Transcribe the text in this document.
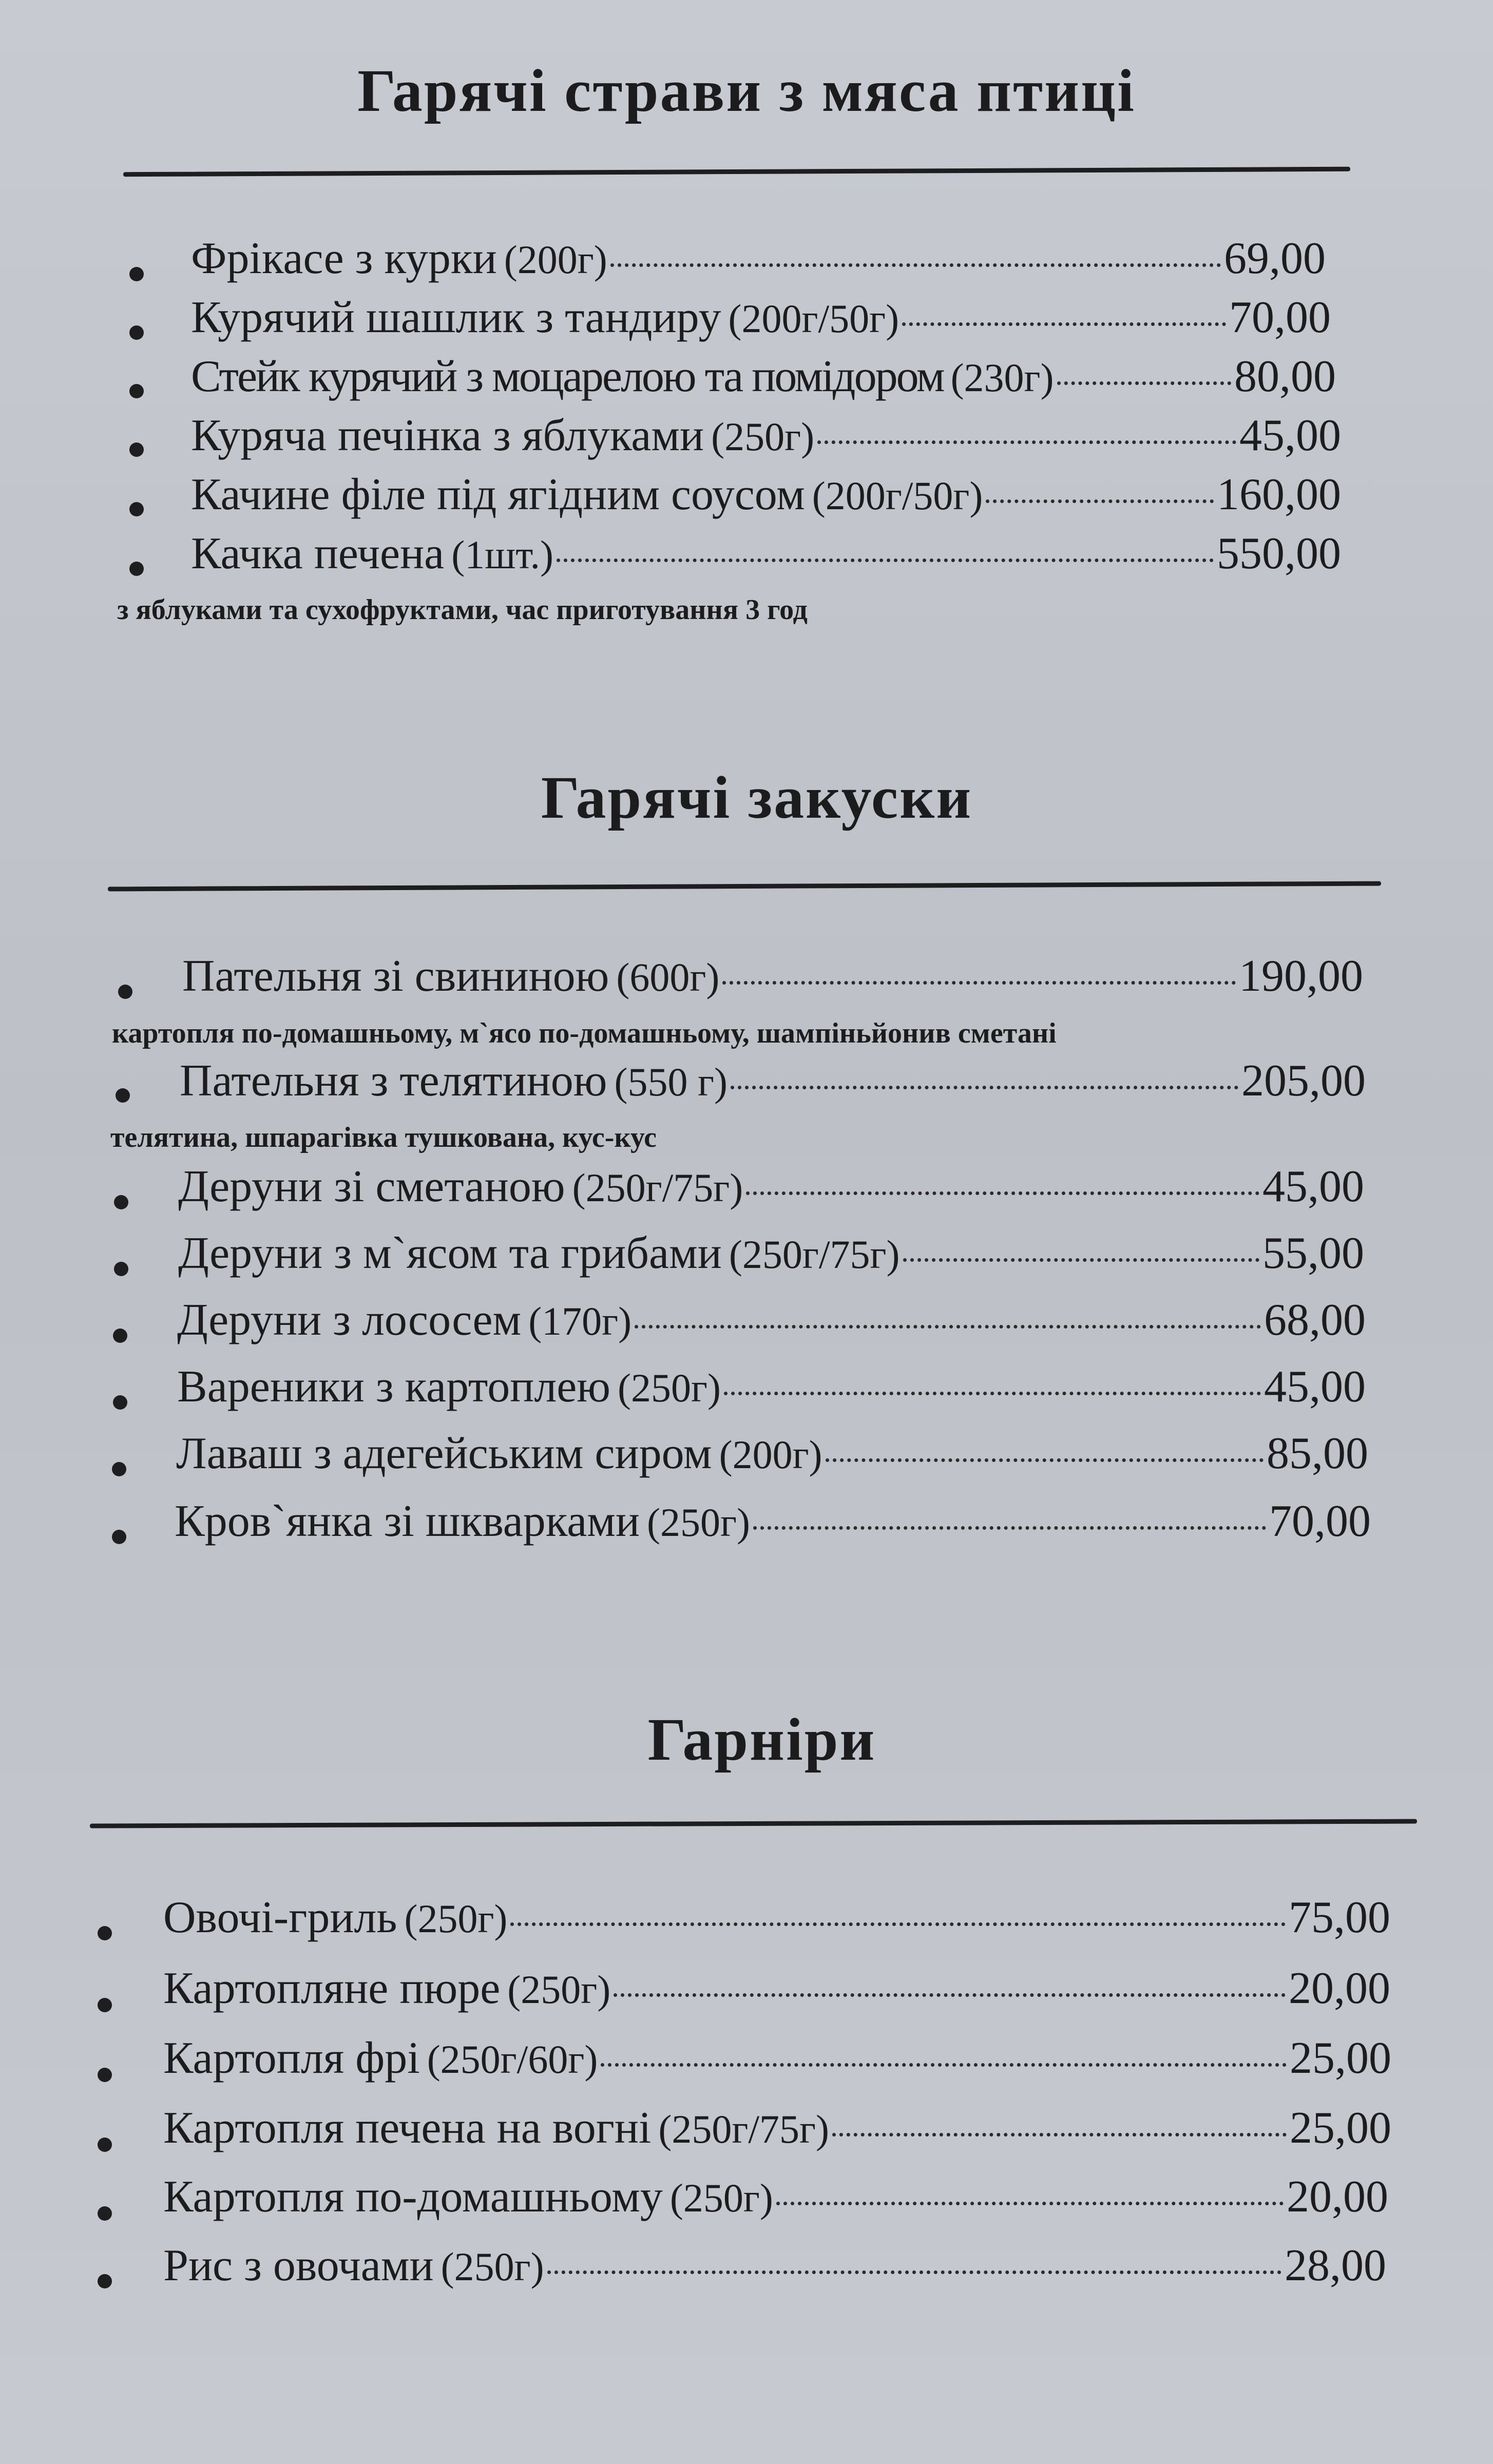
Гарячі страви з мяса птиці
Фрікасе з курки (200г)	69,00
Курячий шашлик з тандиру (200г/50г)	70,00
Стейк курячий з моцарелою та помідором (230г)	80,00
Куряча печінка з яблуками (250г)	45,00
Качине філе під ягідним соусом (200г/50г)	160,00
Качка печена (1шт.)	550,00
з яблуками та сухофруктами, час приготування 3 год
Гарячі закуски
Пательня зі свининою (600г)	190,00
картопля по-домашньому, м`ясо по-домашньому, шампіньйонив сметані
Пательня з телятиною (550 г)	205,00
телятина, шпарагівка тушкована, кус-кус
Деруни зі сметаною (250г/75г)	45,00
Деруни з м`ясом та грибами (250г/75г)	55,00
Деруни з лососем (170г)	68,00
Вареники з картоплею (250г)	45,00
Лаваш з адегейським сиром (200г)	85,00
Кров`янка зі шкварками (250г)	70,00
Гарніри
Овочі-гриль (250г)	75,00
Картопляне пюре (250г)	20,00
Картопля фрі (250г/60г)	25,00
Картопля печена на вогні (250г/75г)	25,00
Картопля по-домашньому (250г)	20,00
Рис з овочами (250г)	28,00
